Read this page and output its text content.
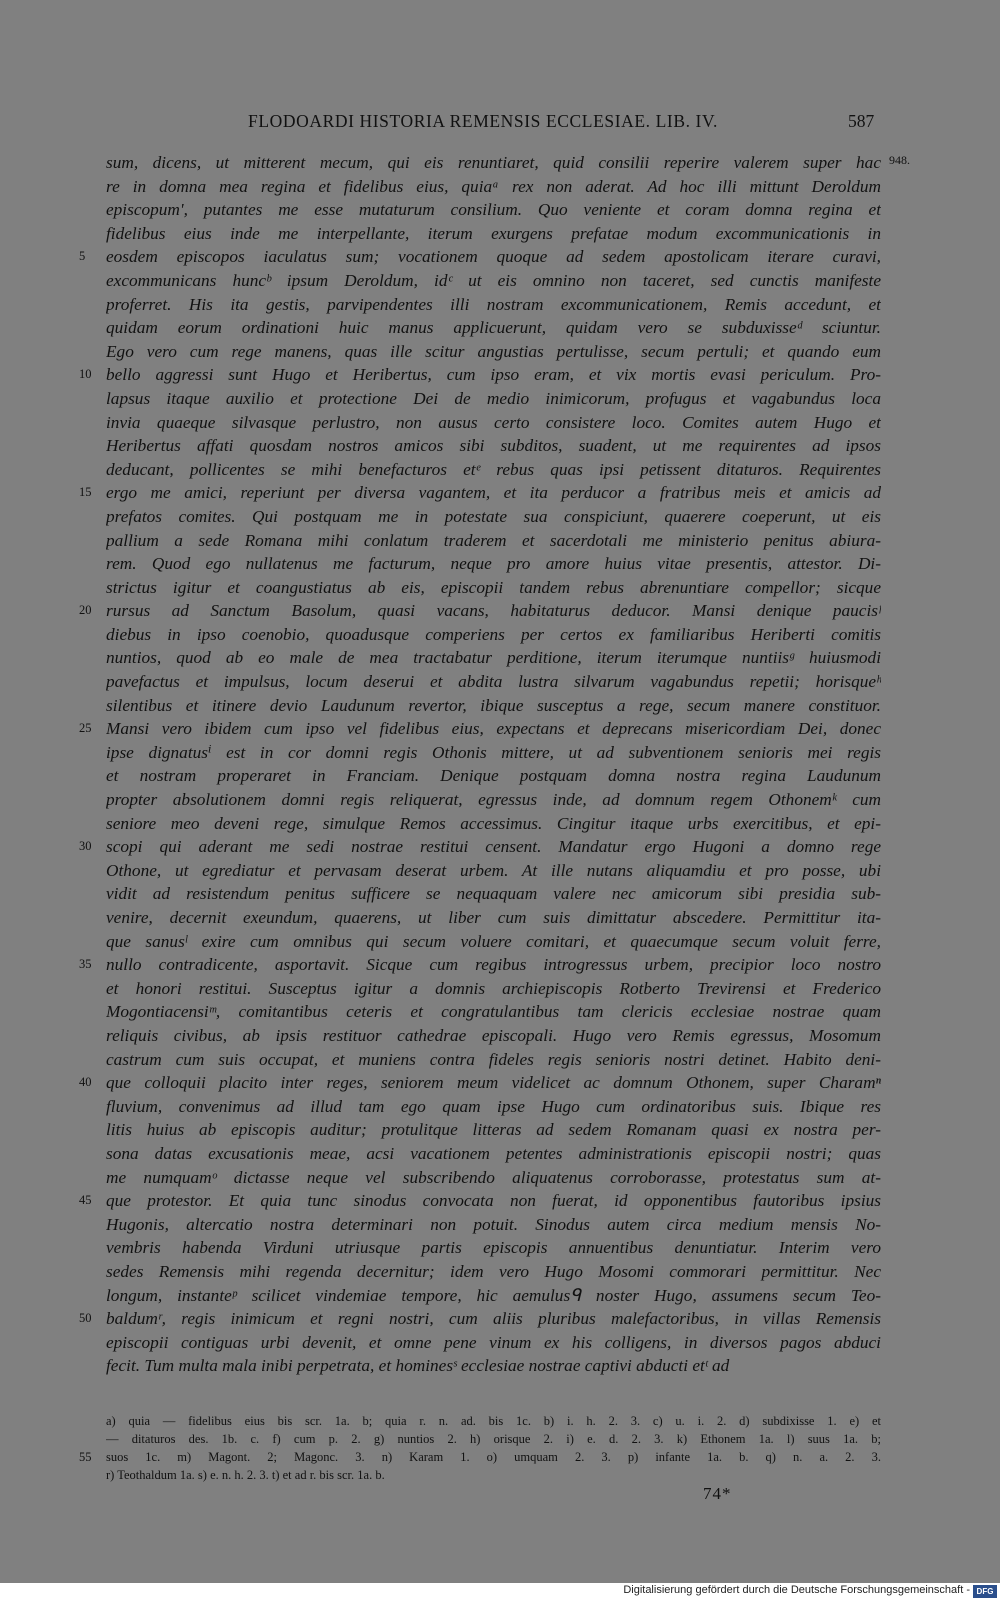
FLODOARDI HISTORIA REMENSIS ECCLESIAE. LIB. IV.	587
948.
sum, dicens, ut mitterent mecum, qui eis renuntiaret, quid consilii reperire valerem super hac
re in domna mea regina et fidelibus eius, quiaᵃ rex non aderat. Ad hoc illi mittunt Deroldum
episcopum', putantes me esse mutaturum consilium. Quo veniente et coram domna regina et
fidelibus eius inde me interpellante, iterum exurgens prefatae modum excommunicationis in
5	eosdem episcopos iaculatus sum; vocationem quoque ad sedem apostolicam iterare curavi,
excommunicans huncᵇ ipsum Deroldum, idᶜ ut eis omnino non taceret, sed cunctis manifeste
proferret. His ita gestis, parvipendentes illi nostram excommunicationem, Remis accedunt, et
quidam eorum ordinationi huic manus applicuerunt, quidam vero se subduxisseᵈ sciuntur.
Ego vero cum rege manens, quas ille scitur angustias pertulisse, secum pertuli; et quando eum
10 bello aggressi sunt Hugo et Heribertus, cum ipso eram, et vix mortis evasi periculum. Pro-
lapsus itaque auxilio et protectione Dei de medio inimicorum, profugus et vagabundus loca
invia quaeque silvasque perlustro, non ausus certo consistere loco. Comites autem Hugo et
Heribertus affati quosdam nostros amicos sibi subditos, suadent, ut me requirentes ad ipsos
deducant, pollicentes se mihi benefacturos etᵉ rebus quas ipsi petissent ditaturos. Requirentes
15 ergo me amici, reperiunt per diversa vagantem, et ita perducor a fratribus meis et amicis ad
prefatos comites. Qui postquam me in potestate sua conspiciunt, quaerere coeperunt, ut eis
pallium a sede Romana mihi conlatum traderem et sacerdotali me ministerio penitus abiura-
rem. Quod ego nullatenus me facturum, neque pro amore huius vitae presentis, attestor. Di-
strictus igitur et coangustiatus ab eis, episcopii tandem rebus abrenuntiare compellor; sicque
20 rursus ad Sanctum Basolum, quasi vacans, habitaturus deducor. Mansi denique paucisᶠ
diebus in ipso coenobio, quoadusque comperiens per certos ex familiaribus Heriberti comitis
nuntios, quod ab eo male de mea tractabatur perditione, iterum iterumque nuntiisᵍ huiusmodi
pavefactus et impulsus, locum deserui et abdita lustra silvarum vagabundus repetii; horisqueʰ
silentibus et itinere devio Laudunum revertor, ibique susceptus a rege, secum manere constituor.
25 Mansi vero ibidem cum ipso vel fidelibus eius, expectans et deprecans misericordiam Dei, donec
ipse dignatusⁱ est in cor domni regis Othonis mittere, ut ad subventionem senioris mei regis
et nostram properaret in Franciam. Denique postquam domna nostra regina Laudunum
propter absolutionem domni regis reliquerat, egressus inde, ad domnum regem Othonemᵏ cum
seniore meo deveni rege, simulque Remos accessimus. Cingitur itaque urbs exercitibus, et epi-
30 scopi qui aderant me sedi nostrae restitui censent. Mandatur ergo Hugoni a domno rege
Othone, ut egrediatur et pervasam deserat urbem. At ille nutans aliquamdiu et pro posse, ubi
vidit ad resistendum penitus sufficere se nequaquam valere nec amicorum sibi presidia sub-
venire, decernit exeundum, quaerens, ut liber cum suis dimittatur abscedere. Permittitur ita-
que sanusˡ exire cum omnibus qui secum voluere comitari, et quaecumque secum voluit ferre,
35 nullo contradicente, asportavit. Sicque cum regibus introgressus urbem, precipior loco nostro
et honori restitui. Susceptus igitur a domnis archiepiscopis Rotberto Trevirensi et Frederico
Mogontiacensiᵐ, comitantibus ceteris et congratulantibus tam clericis ecclesiae nostrae quam
reliquis civibus, ab ipsis restituor cathedrae episcopali. Hugo vero Remis egressus, Mosomum
castrum cum suis occupat, et muniens contra fideles regis senioris nostri detinet. Habito deni-
40 que colloquii placito inter reges, seniorem meum videlicet ac domnum Othonem, super Charamⁿ
fluvium, convenimus ad illud tam ego quam ipse Hugo cum ordinatoribus suis. Ibique res
litis huius ab episcopis auditur; protulitque litteras ad sedem Romanam quasi ex nostra per-
sona datas excusationis meae, acsi vacationem petentes administrationis episcopii nostri; quas
me numquamᵒ dictasse neque vel subscribendo aliquatenus corroborasse, protestatus sum at-
45 que protestor. Et quia tunc sinodus convocata non fuerat, id opponentibus fautoribus ipsius
Hugonis, altercatio nostra determinari non potuit. Sinodus autem circa medium mensis No-
vembris habenda Virduni utriusque partis episcopis annuentibus denuntiatur. Interim vero
sedes Remensis mihi regenda decernitur; idem vero Hugo Mosomi commorari permittitur. Nec
longum, instanteᵖ scilicet vindemiae tempore, hic aemulusᑫ noster Hugo, assumens secum Teo-
50 baldumʳ, regis inimicum et regni nostri, cum aliis pluribus malefactoribus, in villas Remensis
episcopii contiguas urbi devenit, et omne pene vinum ex his colligens, in diversos pagos abduci
fecit. Tum multa mala inibi perpetrata, et hominesˢ ecclesiae nostrae captivi abducti etᵗ ad
a) quia — fidelibus eius bis scr. 1a. b; quia r. n. ad. bis 1c. b) i. h. 2. 3. c) u. i. 2. d) subdixisse 1. e) et
— ditaturos des. 1b. c. f) cum p. 2. g) nuntios 2. h) orisque 2. i) e. d. 2. 3. k) Ethonem 1a. l) suus 1a. b;
55	suos 1c. m) Magont. 2; Magonc. 3. n) Karam 1. o) umquam 2. 3. p) infante 1a. b. q) n. a. 2. 3.
r) Teothaldum 1a. s) e. n. h. 2. 3. t) et ad r. bis scr. 1a. b.
74*
Digitalisierung gefördert durch die Deutsche Forschungsgemeinschaft - DFG
